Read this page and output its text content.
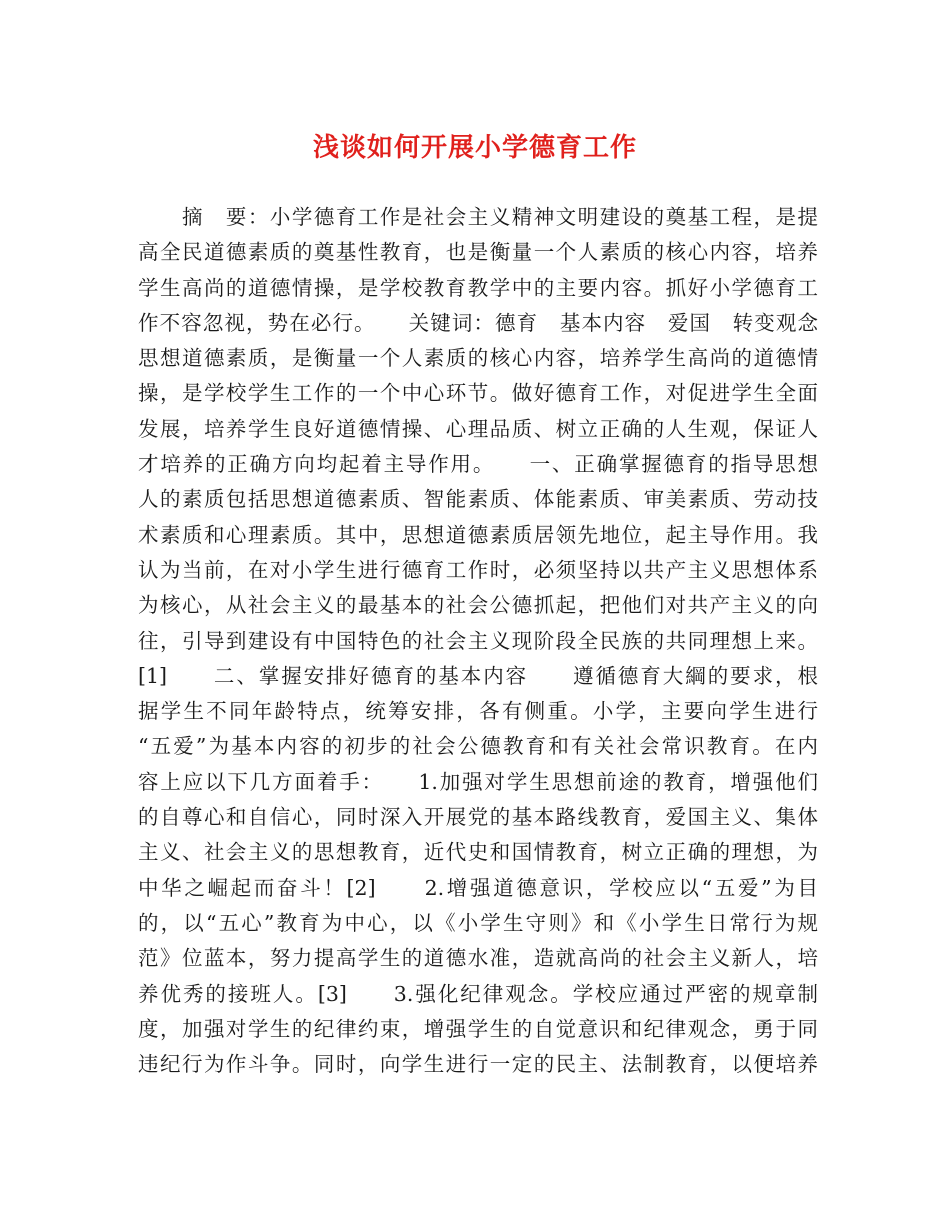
浅谈如何开展小学德育工作
　　摘　要：小学德育工作是社会主义精神文明建设的奠基工程，是提
高全民道德素质的奠基性教育，也是衡量一个人素质的核心内容，培养
学生高尚的道德情操，是学校教育教学中的主要内容。抓好小学德育工
作不容忽视，势在必行。　　关键词：德育　基本内容　爱国　转变观念
思想道德素质，是衡量一个人素质的核心内容，培养学生高尚的道德情
操，是学校学生工作的一个中心环节。做好德育工作，对促进学生全面
发展，培养学生良好道德情操、心理品质、树立正确的人生观，保证人
才培养的正确方向均起着主导作用。　　一、正确掌握德育的指导思想
人的素质包括思想道德素质、智能素质、体能素质、审美素质、劳动技
术素质和心理素质。其中，思想道德素质居领先地位，起主导作用。我
认为当前，在对小学生进行德育工作时，必须坚持以共产主义思想体系
为核心，从社会主义的最基本的社会公德抓起，把他们对共产主义的向
往，引导到建设有中国特色的社会主义现阶段全民族的共同理想上来。
[1]　　二、掌握安排好德育的基本内容　　遵循德育大綱的要求，根
据学生不同年龄特点，统筹安排，各有侧重。小学，主要向学生进行
“五爱”为基本内容的初步的社会公德教育和有关社会常识教育。在内
容上应以下几方面着手：　　1.加强对学生思想前途的教育，增强他们
的自尊心和自信心，同时深入开展党的基本路线教育，爱国主义、集体
主义、社会主义的思想教育，近代史和国情教育，树立正确的理想，为
中华之崛起而奋斗！[2]　　2.增强道德意识，学校应以“五爱”为目
的，以“五心”教育为中心，以《小学生守则》和《小学生日常行为规
范》位蓝本，努力提高学生的道德水准，造就高尚的社会主义新人，培
养优秀的接班人。[3]　　3.强化纪律观念。学校应通过严密的规章制
度，加强对学生的纪律约束，增强学生的自觉意识和纪律观念，勇于同
违纪行为作斗争。同时，向学生进行一定的民主、法制教育，以便培养
